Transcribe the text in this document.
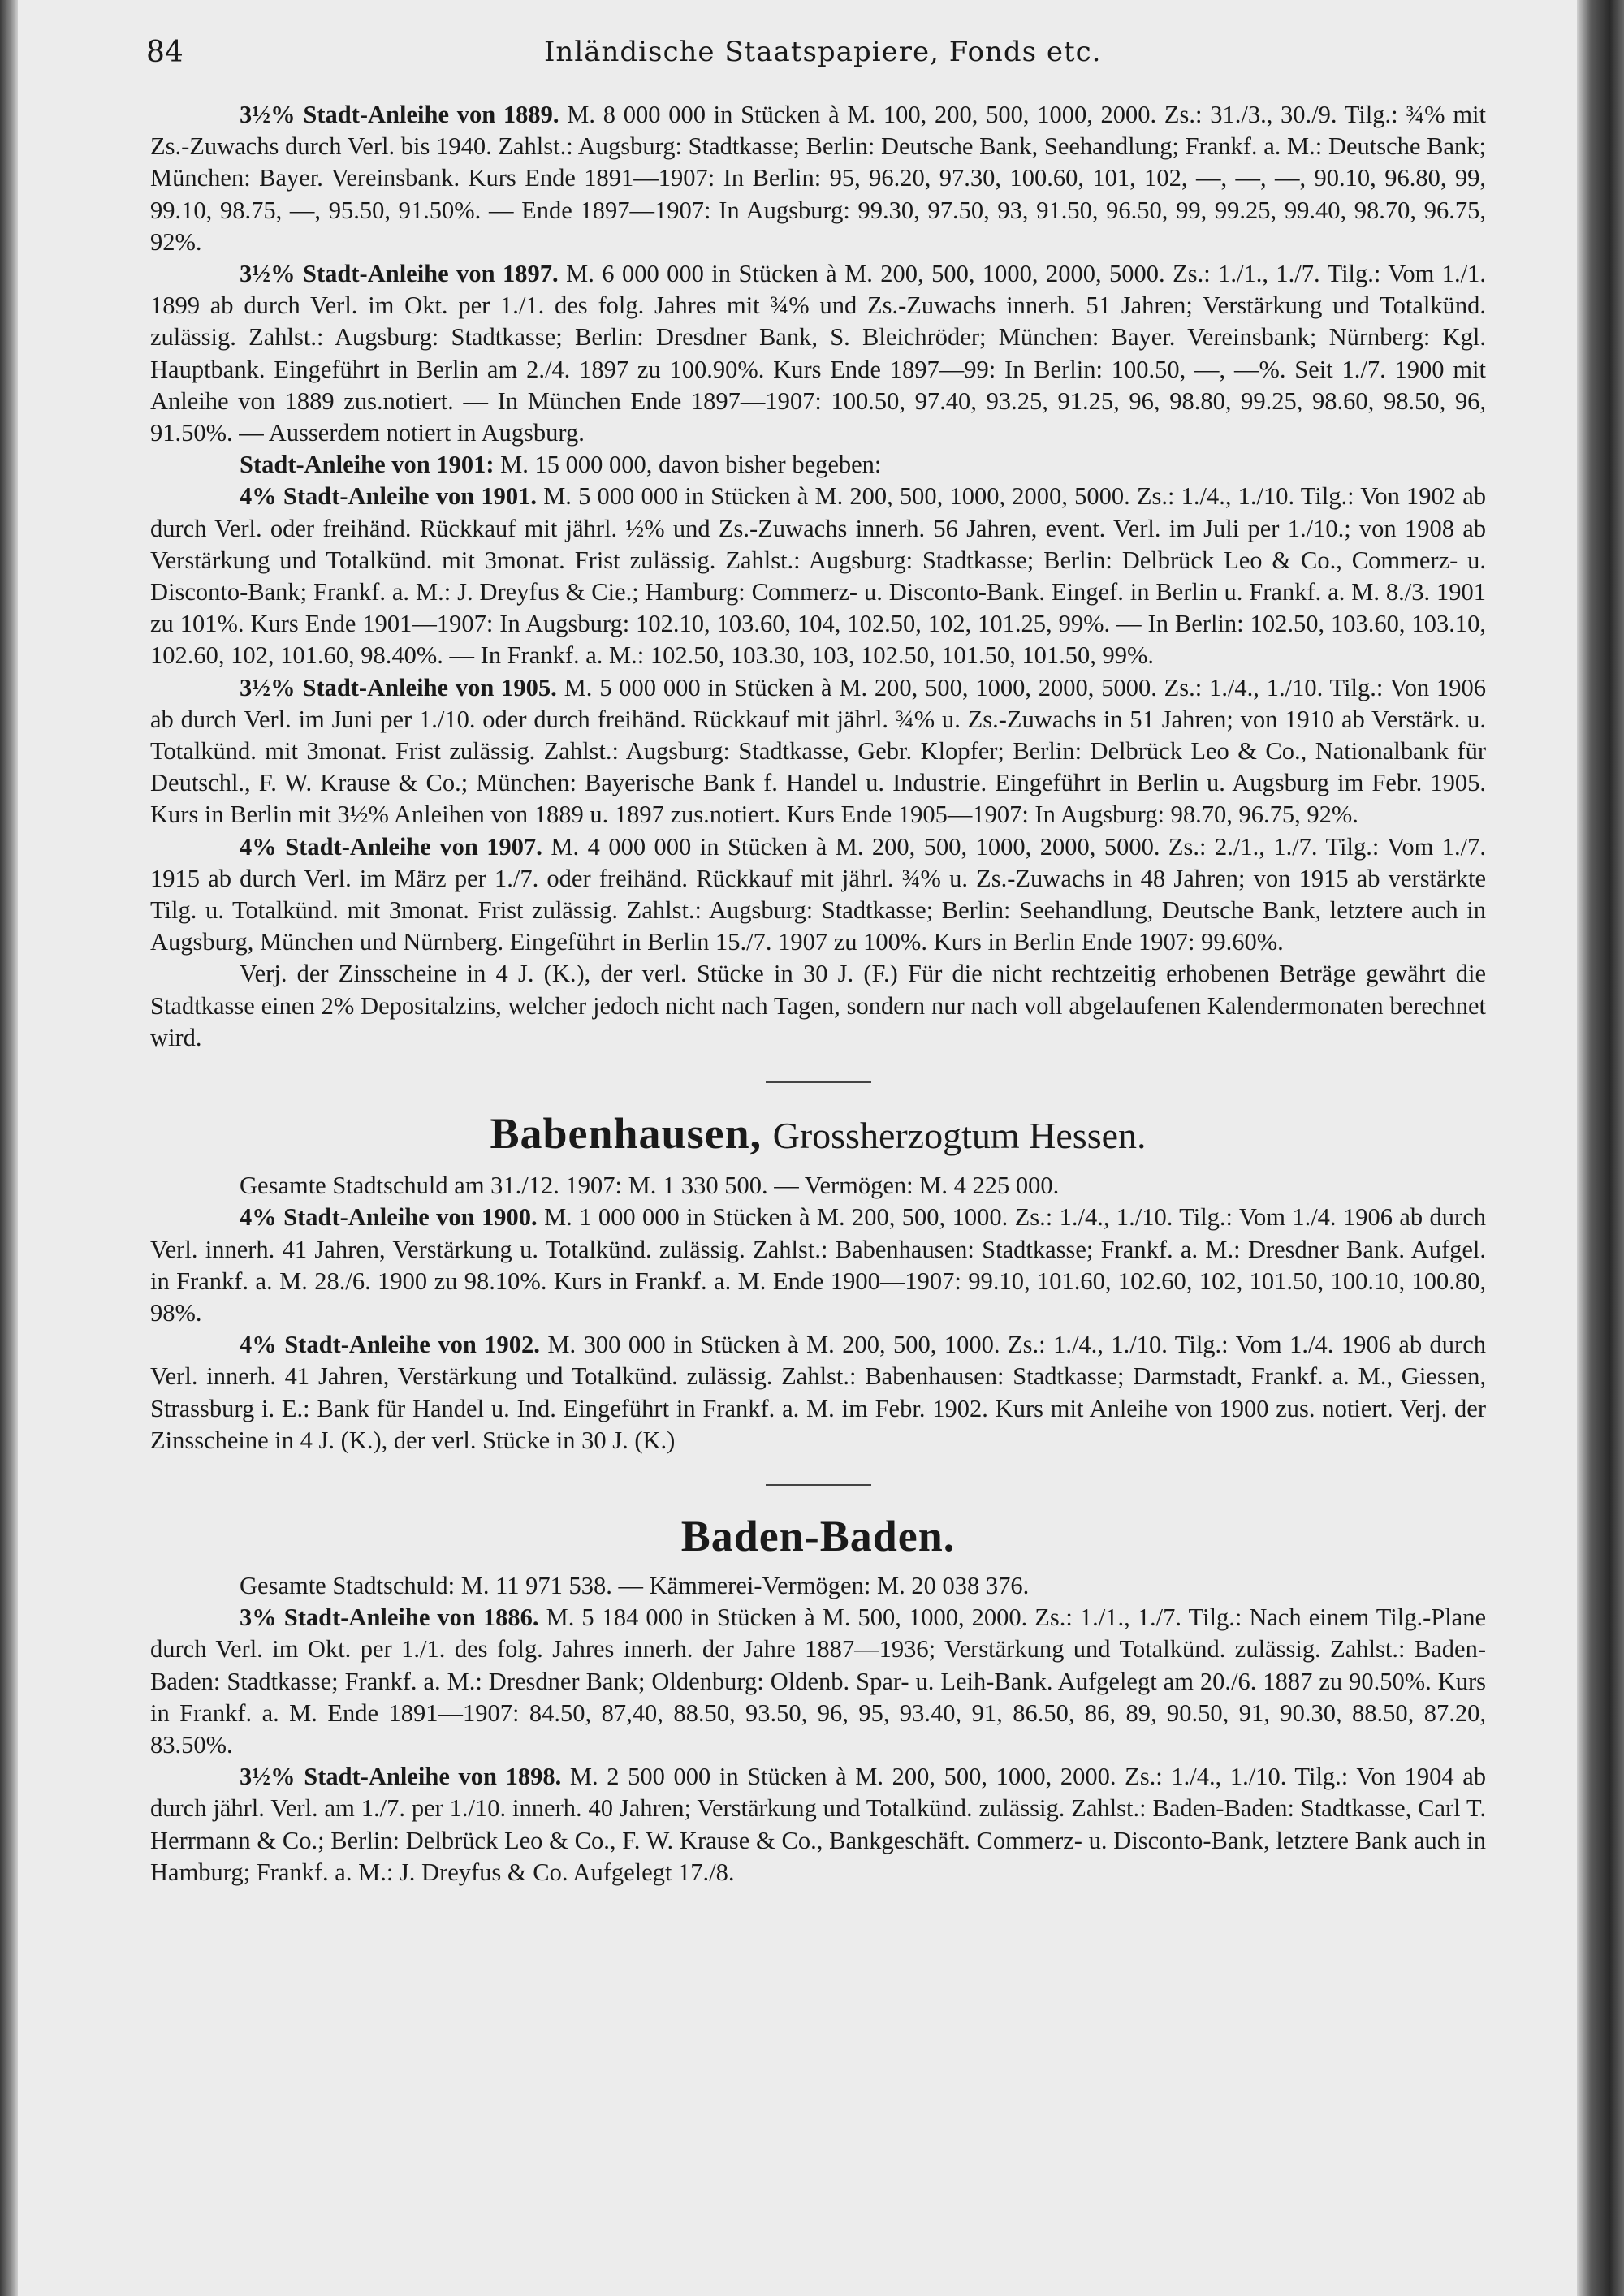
84	Inländische Staatspapiere, Fonds etc.

3½% Stadt-Anleihe von 1889. M. 8 000 000 in Stücken à M. 100, 200, 500, 1000, 2000. Zs.: 31./3., 30./9. Tilg.: ¾% mit Zs.-Zuwachs durch Verl. bis 1940. Zahlst.: Augsburg: Stadtkasse; Berlin: Deutsche Bank, Seehandlung; Frankf. a. M.: Deutsche Bank; München: Bayer. Vereinsbank. Kurs Ende 1891—1907: In Berlin: 95, 96.20, 97.30, 100.60, 101, 102, —, —, —, 90.10, 96.80, 99, 99.10, 98.75, —, 95.50, 91.50%. — Ende 1897—1907: In Augsburg: 99.30, 97.50, 93, 91.50, 96.50, 99, 99.25, 99.40, 98.70, 96.75, 92%.

3½% Stadt-Anleihe von 1897. M. 6 000 000 in Stücken à M. 200, 500, 1000, 2000, 5000. Zs.: 1./1., 1./7. Tilg.: Vom 1./1. 1899 ab durch Verl. im Okt. per 1./1. des folg. Jahres mit ¾% und Zs.-Zuwachs innerh. 51 Jahren; Verstärkung und Totalkünd. zulässig. Zahlst.: Augsburg: Stadtkasse; Berlin: Dresdner Bank, S. Bleichröder; München: Bayer. Vereinsbank; Nürnberg: Kgl. Hauptbank. Eingeführt in Berlin am 2./4. 1897 zu 100.90%. Kurs Ende 1897—99: In Berlin: 100.50, —, —%. Seit 1./7. 1900 mit Anleihe von 1889 zus.notiert. — In München Ende 1897—1907: 100.50, 97.40, 93.25, 91.25, 96, 98.80, 99.25, 98.60, 98.50, 96, 91.50%. — Ausserdem notiert in Augsburg.

Stadt-Anleihe von 1901: M. 15 000 000, davon bisher begeben:

4% Stadt-Anleihe von 1901. M. 5 000 000 in Stücken à M. 200, 500, 1000, 2000, 5000. Zs.: 1./4., 1./10. Tilg.: Von 1902 ab durch Verl. oder freihänd. Rückkauf mit jährl. ½% und Zs.-Zuwachs innerh. 56 Jahren, event. Verl. im Juli per 1./10.; von 1908 ab Verstärkung und Totalkünd. mit 3monat. Frist zulässig. Zahlst.: Augsburg: Stadtkasse; Berlin: Delbrück Leo & Co., Commerz- u. Disconto-Bank; Frankf. a. M.: J. Dreyfus & Cie.; Hamburg: Commerz- u. Disconto-Bank. Eingef. in Berlin u. Frankf. a. M. 8./3. 1901 zu 101%. Kurs Ende 1901—1907: In Augsburg: 102.10, 103.60, 104, 102.50, 102, 101.25, 99%. — In Berlin: 102.50, 103.60, 103.10, 102.60, 102, 101.60, 98.40%. — In Frankf. a. M.: 102.50, 103.30, 103, 102.50, 101.50, 101.50, 99%.

3½% Stadt-Anleihe von 1905. M. 5 000 000 in Stücken à M. 200, 500, 1000, 2000, 5000. Zs.: 1./4., 1./10. Tilg.: Von 1906 ab durch Verl. im Juni per 1./10. oder durch freihänd. Rückkauf mit jährl. ¾% u. Zs.-Zuwachs in 51 Jahren; von 1910 ab Verstärk. u. Totalkünd. mit 3monat. Frist zulässig. Zahlst.: Augsburg: Stadtkasse, Gebr. Klopfer; Berlin: Delbrück Leo & Co., Nationalbank für Deutschl., F. W. Krause & Co.; München: Bayerische Bank f. Handel u. Industrie. Eingeführt in Berlin u. Augsburg im Febr. 1905. Kurs in Berlin mit 3½% Anleihen von 1889 u. 1897 zus.notiert. Kurs Ende 1905—1907: In Augsburg: 98.70, 96.75, 92%.

4% Stadt-Anleihe von 1907. M. 4 000 000 in Stücken à M. 200, 500, 1000, 2000, 5000. Zs.: 2./1., 1./7. Tilg.: Vom 1./7. 1915 ab durch Verl. im März per 1./7. oder freihänd. Rückkauf mit jährl. ¾% u. Zs.-Zuwachs in 48 Jahren; von 1915 ab verstärkte Tilg. u. Totalkünd. mit 3monat. Frist zulässig. Zahlst.: Augsburg: Stadtkasse; Berlin: Seehandlung, Deutsche Bank, letztere auch in Augsburg, München und Nürnberg. Eingeführt in Berlin 15./7. 1907 zu 100%. Kurs in Berlin Ende 1907: 99.60%.

Verj. der Zinsscheine in 4 J. (K.), der verl. Stücke in 30 J. (F.) Für die nicht rechtzeitig erhobenen Beträge gewährt die Stadtkasse einen 2% Depositalzins, welcher jedoch nicht nach Tagen, sondern nur nach voll abgelaufenen Kalendermonaten berechnet wird.

Babenhausen, Grossherzogtum Hessen.

Gesamte Stadtschuld am 31./12. 1907: M. 1 330 500. — Vermögen: M. 4 225 000.

4% Stadt-Anleihe von 1900. M. 1 000 000 in Stücken à M. 200, 500, 1000. Zs.: 1./4., 1./10. Tilg.: Vom 1./4. 1906 ab durch Verl. innerh. 41 Jahren, Verstärkung u. Totalkünd. zulässig. Zahlst.: Babenhausen: Stadtkasse; Frankf. a. M.: Dresdner Bank. Aufgel. in Frankf. a. M. 28./6. 1900 zu 98.10%. Kurs in Frankf. a. M. Ende 1900—1907: 99.10, 101.60, 102.60, 102, 101.50, 100.10, 100.80, 98%.

4% Stadt-Anleihe von 1902. M. 300 000 in Stücken à M. 200, 500, 1000. Zs.: 1./4., 1./10. Tilg.: Vom 1./4. 1906 ab durch Verl. innerh. 41 Jahren, Verstärkung und Totalkünd. zulässig. Zahlst.: Babenhausen: Stadtkasse; Darmstadt, Frankf. a. M., Giessen, Strassburg i. E.: Bank für Handel u. Ind. Eingeführt in Frankf. a. M. im Febr. 1902. Kurs mit Anleihe von 1900 zus. notiert. Verj. der Zinsscheine in 4 J. (K.), der verl. Stücke in 30 J. (K.)

Baden-Baden.

Gesamte Stadtschuld: M. 11 971 538. — Kämmerei-Vermögen: M. 20 038 376.

3% Stadt-Anleihe von 1886. M. 5 184 000 in Stücken à M. 500, 1000, 2000. Zs.: 1./1., 1./7. Tilg.: Nach einem Tilg.-Plane durch Verl. im Okt. per 1./1. des folg. Jahres innerh. der Jahre 1887—1936; Verstärkung und Totalkünd. zulässig. Zahlst.: Baden-Baden: Stadtkasse; Frankf. a. M.: Dresdner Bank; Oldenburg: Oldenb. Spar- u. Leih-Bank. Aufgelegt am 20./6. 1887 zu 90.50%. Kurs in Frankf. a. M. Ende 1891—1907: 84.50, 87,40, 88.50, 93.50, 96, 95, 93.40, 91, 86.50, 86, 89, 90.50, 91, 90.30, 88.50, 87.20, 83.50%.

3½% Stadt-Anleihe von 1898. M. 2 500 000 in Stücken à M. 200, 500, 1000, 2000. Zs.: 1./4., 1./10. Tilg.: Von 1904 ab durch jährl. Verl. am 1./7. per 1./10. innerh. 40 Jahren; Verstärkung und Totalkünd. zulässig. Zahlst.: Baden-Baden: Stadtkasse, Carl T. Herrmann & Co.; Berlin: Delbrück Leo & Co., F. W. Krause & Co., Bankgeschäft. Commerz- u. Disconto-Bank, letztere Bank auch in Hamburg; Frankf. a. M.: J. Dreyfus & Co. Aufgelegt 17./8.
